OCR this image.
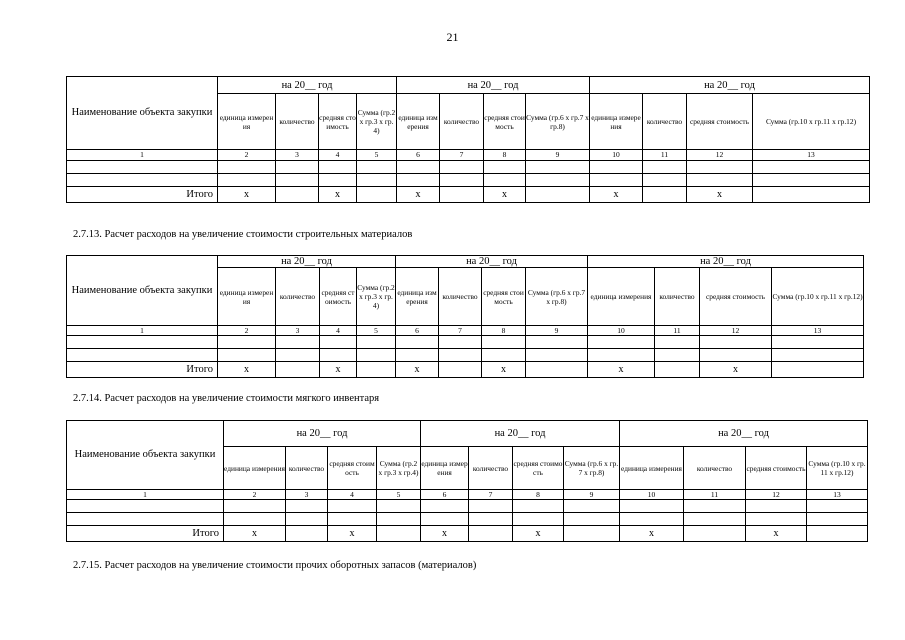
21
2.7.13. Расчет расходов на увеличение стоимости строительных материалов
2.7.14. Расчет расходов на увеличение стоимости мягкого инвентаря
2.7.15. Расчет расходов на увеличение стоимости прочих оборотных запасов (материалов)
Наименование объекта закупки	на 20__ год				на 20__ год				на 20__ год			
	единица измерения	количество	средняя стоимость	Сумма (гр.2 x гр.3 x гр.4)	единица измерения	количество	средняя стоимость	Сумма (гр.6 x гр.7 x гр.8)	единица измерения	количество	средняя стоимость	Сумма (гр.10 x гр.11 x гр.12)
1	2	3	4	5	6	7	8	9	10	11	12	13

Итого	x		x		x		x		x		x	
Наименование объекта закупки	на 20__ год				на 20__ год				на 20__ год			
	единица измерения	количество	средняя стоимость	Сумма (гр.2 x гр.3 x гр.4)	единица измерения	количество	средняя стоимость	Сумма (гр.6 x гр.7 x гр.8)	единица измерения	количество	средняя стоимость	Сумма (гр.10 x гр.11 x гр.12)
1	2	3	4	5	6	7	8	9	10	11	12	13

Итого	x		x		x		x		x		x	
Наименование объекта закупки	на 20__ год				на 20__ год				на 20__ год			
	единица измерения	количество	средняя стоимость	Сумма (гр.2 x гр.3 x гр.4)	единица измерения	количество	средняя стоимость	Сумма (гр.6 x гр.7 x гр.8)	единица измерения	количество	средняя стоимость	Сумма (гр.10 x гр.11 x гр.12)
1	2	3	4	5	6	7	8	9	10	11	12	13

Итого	x		x		x		x		x		x	
